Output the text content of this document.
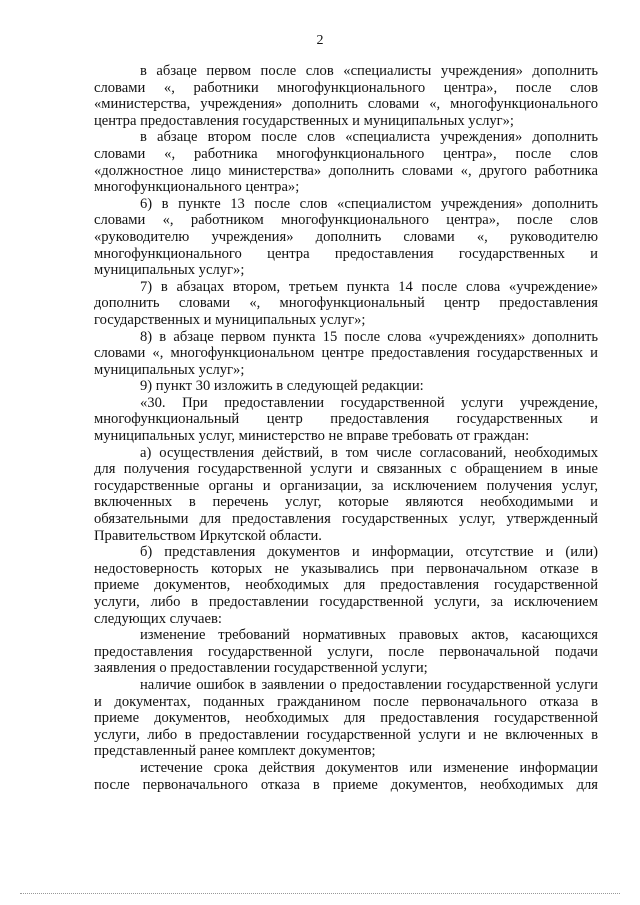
2
в абзаце первом после слов «специалисты учреждения» дополнить
словами «, работники многофункционального центра», после слов
«министерства, учреждения» дополнить словами «, многофункционального
центра предоставления государственных и муниципальных услуг»;
в абзаце втором после слов «специалиста учреждения» дополнить
словами «, работника многофункционального центра», после слов
«должностное лицо министерства» дополнить словами «, другого работника
многофункционального центра»;
6) в пункте 13 после слов «специалистом учреждения» дополнить
словами «, работником многофункционального центра», после слов
«руководителю учреждения» дополнить словами «, руководителю
многофункционального центра предоставления государственных и
муниципальных услуг»;
7) в абзацах втором, третьем пункта 14 после слова «учреждение»
дополнить словами «, многофункциональный центр предоставления
государственных и муниципальных услуг»;
8) в абзаце первом пункта 15 после слова «учреждениях» дополнить
словами «, многофункциональном центре предоставления государственных и
муниципальных услуг»;
9) пункт 30 изложить в следующей редакции:
«30. При предоставлении государственной услуги учреждение,
многофункциональный центр предоставления государственных и
муниципальных услуг, министерство не вправе требовать от граждан:
а) осуществления действий, в том числе согласований, необходимых
для получения государственной услуги и связанных с обращением в иные
государственные органы и организации, за исключением получения услуг,
включенных в перечень услуг, которые являются необходимыми и
обязательными для предоставления государственных услуг, утвержденный
Правительством Иркутской области.
б) представления документов и информации, отсутствие и (или)
недостоверность которых не указывались при первоначальном отказе в
приеме документов, необходимых для предоставления государственной
услуги, либо в предоставлении государственной услуги, за исключением
следующих случаев:
изменение требований нормативных правовых актов, касающихся
предоставления государственной услуги, после первоначальной подачи
заявления о предоставлении государственной услуги;
наличие ошибок в заявлении о предоставлении государственной услуги
и документах, поданных гражданином после первоначального отказа в
приеме документов, необходимых для предоставления государственной
услуги, либо в предоставлении государственной услуги и не включенных в
представленный ранее комплект документов;
истечение срока действия документов или изменение информации
после первоначального отказа в приеме документов, необходимых для
